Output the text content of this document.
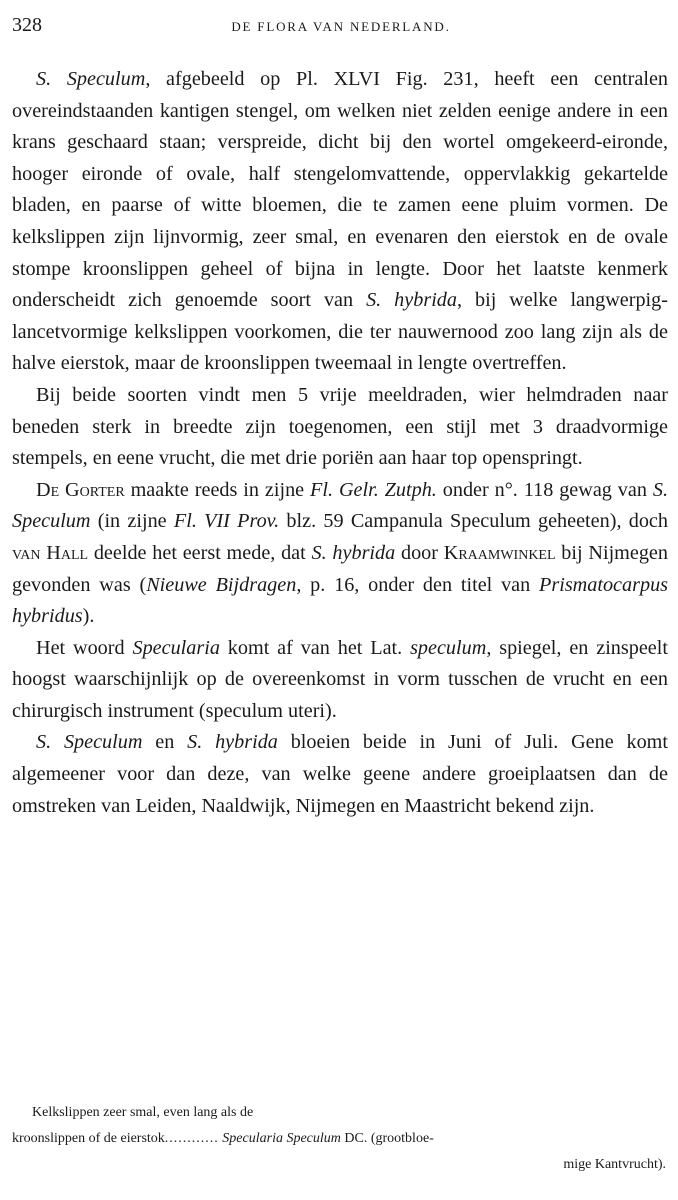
328	DE FLORA VAN NEDERLAND.

S. Speculum, afgebeeld op Pl. XLVI Fig. 231, heeft een centralen overeindstaanden kantigen stengel, om welken niet zelden eenige andere in een krans geschaard staan; verspreide, dicht bij den wortel omgekeerd-eironde, hooger eironde of ovale, half stengelomvattende, oppervlakkig gekartelde bladen, en paarse of witte bloemen, die te zamen eene pluim vormen. De kelkslippen zijn lijnvormig, zeer smal, en evenaren den eierstok en de ovale stompe kroonslippen geheel of bijna in lengte. Door het laatste kenmerk onderscheidt zich genoemde soort van S. hybrida, bij welke langwerpig-lancetvormige kelkslippen voorkomen, die ter nauwernood zoo lang zijn als de halve eierstok, maar de kroonslippen tweemaal in lengte overtreffen.

Bij beide soorten vindt men 5 vrije meeldraden, wier helmdraden naar beneden sterk in breedte zijn toegenomen, een stijl met 3 draadvormige stempels, en eene vrucht, die met drie poriën aan haar top openspringt.

De Gorter maakte reeds in zijne Fl. Gelr. Zutph. onder n°. 118 gewag van S. Speculum (in zijne Fl. VII Prov. blz. 59 Campanula Speculum geheeten), doch van Hall deelde het eerst mede, dat S. hybrida door Kraamwinkel bij Nijmegen gevonden was (Nieuwe Bijdragen, p. 16, onder den titel van Prismatocarpus hybridus).

Het woord Specularia komt af van het Lat. speculum, spiegel, en zinspeelt hoogst waarschijnlijk op de overeenkomst in vorm tusschen de vrucht en een chirurgisch instrument (speculum uteri).

S. Speculum en S. hybrida bloeien beide in Juni of Juli. Gene komt algemeener voor dan deze, van welke geene andere groeiplaatsen dan de omstreken van Leiden, Naaldwijk, Nijmegen en Maastricht bekend zijn.

Kelkslippen zeer smal, even lang als de
kroonslippen of de eierstok............ Specularia Speculum DC. (grootbloe-
mige Kantvrucht).
